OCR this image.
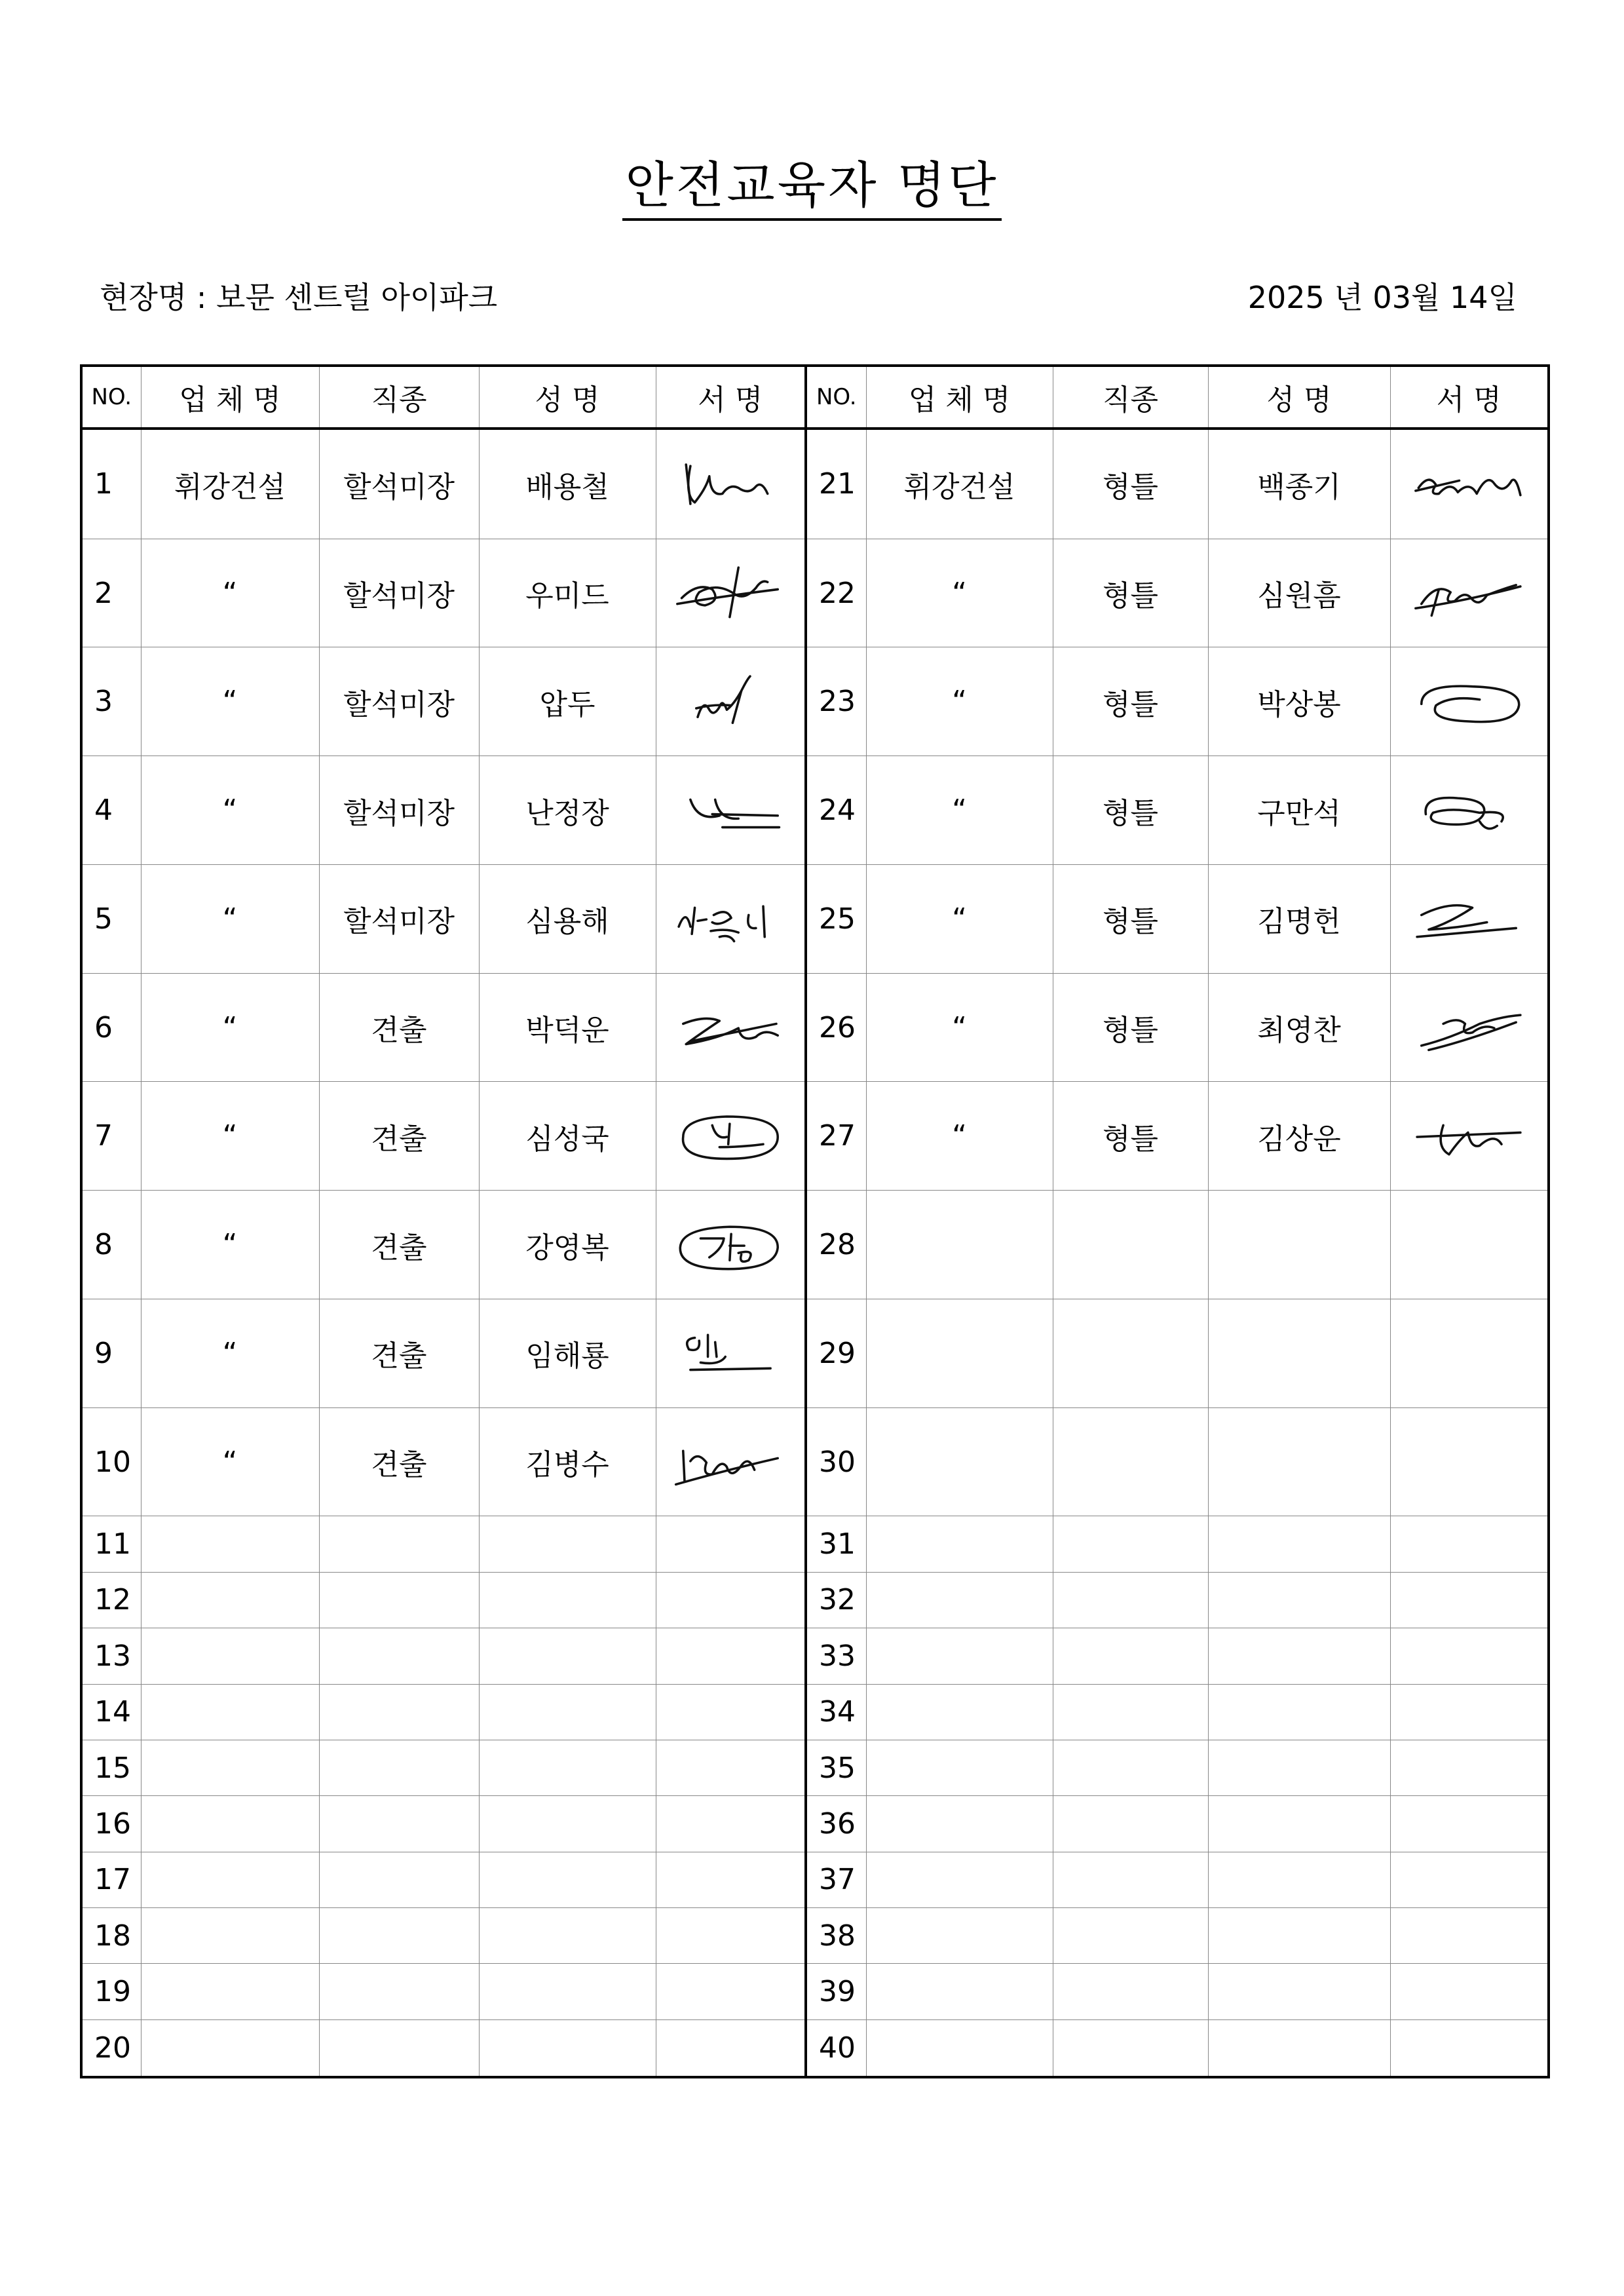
안전교육자 명단
현장명 : 보문 센트럴 아이파크	2025 년 03월 14일
NO.	업 체 명	직종	성 명	서 명	NO.	업 체 명	직종	성 명	서 명
1	휘강건설	할석미장	배용철		21	휘강건설	형틀	백종기	

2	“	할석미장	우미드		22	“	형틀	심원흠	

3	“	할석미장	압두		23	“	형틀	박상봉	

4	“	할석미장	난정장		24	“	형틀	구만석	

5	“	할석미장	심용해		25	“	형틀	김명헌	

6	“	견출	박덕운		26	“	형틀	최영찬	

7	“	견출	심성국		27	“	형틀	김상운	

8	“	견출	강영복		28				
9	“	견출	임해룡		29				
10	“	견출	김병수		30				
11					31				
12					32				
13					33				
14					34				
15					35				
16					36				
17					37				
18					38				
19					39				
20					40				
